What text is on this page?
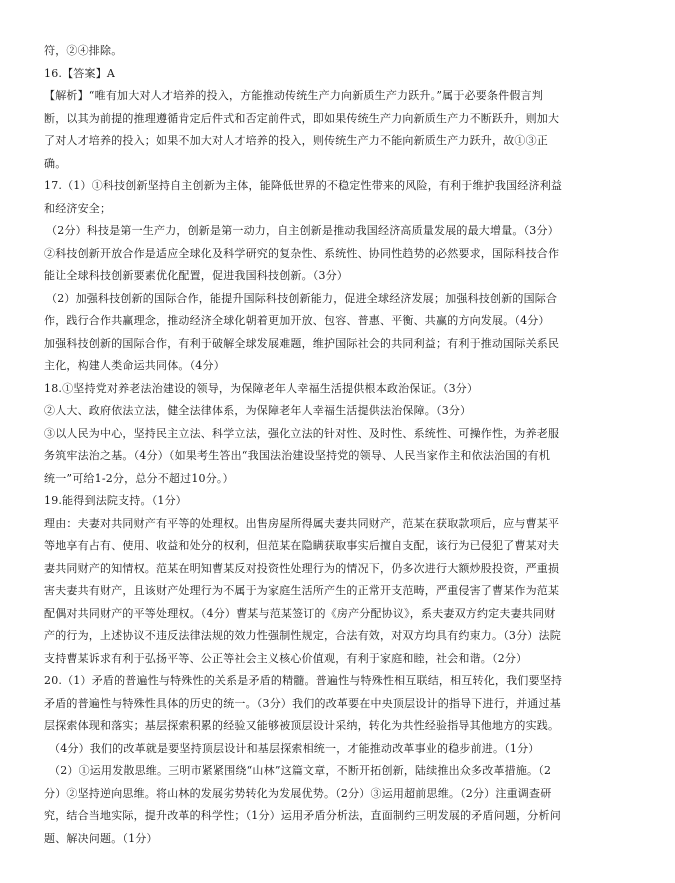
符，②④排除。
16.【答案】A
【解析】“唯有加大对人才培养的投入，方能推动传统生产力向新质生产力跃升。”属于必要条件假言判
断，以其为前提的推理遵循肯定后件式和否定前件式，即如果传统生产力向新质生产力不断跃升，则加大
了对人才培养的投入；如果不加大对人才培养的投入，则传统生产力不能向新质生产力跃升，故①③正
确。
17.（1）①科技创新坚持自主创新为主体，能降低世界的不稳定性带来的风险，有利于维护我国经济利益
和经济安全；
（2分）科技是第一生产力，创新是第一动力，自主创新是推动我国经济高质量发展的最大增量。（3分）
②科技创新开放合作是适应全球化及科学研究的复杂性、系统性、协同性趋势的必然要求，国际科技合作
能让全球科技创新要素优化配置，促进我国科技创新。（3分）
（2）加强科技创新的国际合作，能提升国际科技创新能力，促进全球经济发展；加强科技创新的国际合
作，践行合作共赢理念，推动经济全球化朝着更加开放、包容、普惠、平衡、共赢的方向发展。（4分）
加强科技创新的国际合作，有利于破解全球发展难题，维护国际社会的共同利益；有利于推动国际关系民
主化，构建人类命运共同体。（4分）
18.①坚持党对养老法治建设的领导，为保障老年人幸福生活提供根本政治保证。（3分）
②人大、政府依法立法，健全法律体系，为保障老年人幸福生活提供法治保障。（3分）
③以人民为中心，坚持民主立法、科学立法，强化立法的针对性、及时性、系统性、可操作性，为养老服
务筑牢法治之基。（4分）（如果考生答出“我国法治建设坚持党的领导、人民当家作主和依法治国的有机
统一”可给1-2分，总分不超过10分。）
19.能得到法院支持。（1分）
理由：夫妻对共同财产有平等的处理权。出售房屋所得属夫妻共同财产，范某在获取款项后，应与曹某平
等地享有占有、使用、收益和处分的权利，但范某在隐瞒获取事实后擅自支配，该行为已侵犯了曹某对夫
妻共同财产的知情权。范某在明知曹某反对投资性处理行为的情况下，仍多次进行大额炒股投资，严重损
害夫妻共有财产，且该财产处理行为不属于为家庭生活所产生的正常开支范畴，严重侵害了曹某作为范某
配偶对共同财产的平等处理权。（4分）曹某与范某签订的《房产分配协议》，系夫妻双方约定夫妻共同财
产的行为，上述协议不违反法律法规的效力性强制性规定，合法有效，对双方均具有约束力。（3分）法院
支持曹某诉求有利于弘扬平等、公正等社会主义核心价值观，有利于家庭和睦，社会和谐。（2分）
20.（1）矛盾的普遍性与特殊性的关系是矛盾的精髓。普遍性与特殊性相互联结，相互转化，我们要坚持
矛盾的普遍性与特殊性具体的历史的统一。（3分）我们的改革要在中央顶层设计的指导下进行，并通过基
层探索体现和落实；基层探索积累的经验又能够被顶层设计采纳，转化为共性经验指导其他地方的实践。
（4分）我们的改革就是要坚持顶层设计和基层探索相统一，才能推动改革事业的稳步前进。（1分）
（2）①运用发散思维。三明市紧紧围绕“山林”这篇文章，不断开拓创新，陆续推出众多改革措施。（2
分）②坚持逆向思维。将山林的发展劣势转化为发展优势。（2分）③运用超前思维。（2分）注重调查研
究，结合当地实际，提升改革的科学性；（1分）运用矛盾分析法，直面制约三明发展的矛盾问题，分析问
题、解决问题。（1分）
